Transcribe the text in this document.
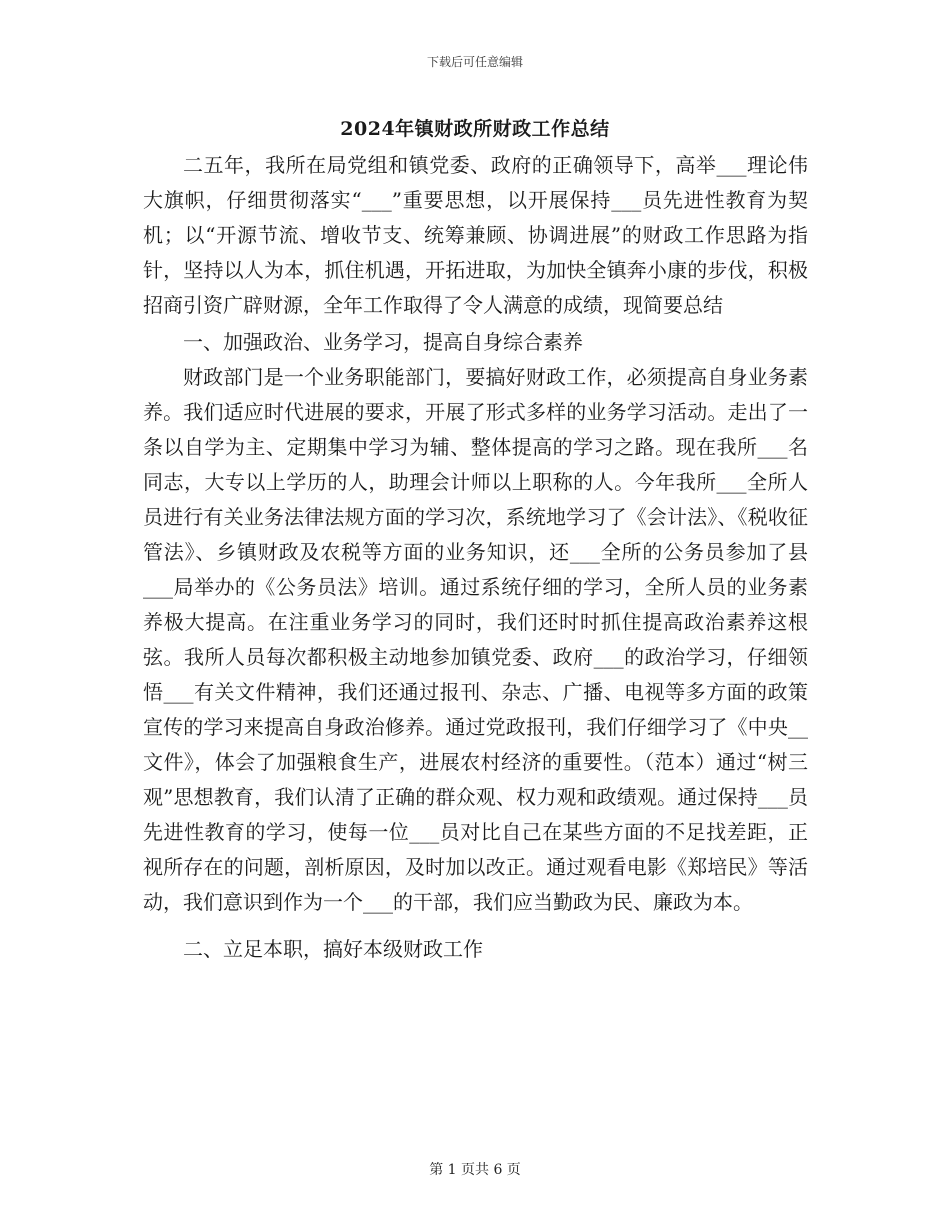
下载后可任意编辑
2024年镇财政所财政工作总结

二五年，我所在局党组和镇党委、政府的正确领导下，高举___理论伟大旗帜，仔细贯彻落实“___”重要思想，以开展保持___员先进性教育为契机；以“开源节流、增收节支、统筹兼顾、协调进展”的财政工作思路为指针，坚持以人为本，抓住机遇，开拓进取，为加快全镇奔小康的步伐，积极招商引资广辟财源，全年工作取得了令人满意的成绩，现简要总结

一、加强政治、业务学习，提高自身综合素养

财政部门是一个业务职能部门，要搞好财政工作，必须提高自身业务素养。我们适应时代进展的要求，开展了形式多样的业务学习活动。走出了一条以自学为主、定期集中学习为辅、整体提高的学习之路。现在我所___名同志，大专以上学历的人，助理会计师以上职称的人。今年我所___全所人员进行有关业务法律法规方面的学习次，系统地学习了《会计法》、《税收征管法》、乡镇财政及农税等方面的业务知识，还___全所的公务员参加了县___局举办的《公务员法》培训。通过系统仔细的学习，全所人员的业务素养极大提高。在注重业务学习的同时，我们还时时抓住提高政治素养这根弦。我所人员每次都积极主动地参加镇党委、政府___的政治学习，仔细领悟___有关文件精神，我们还通过报刊、杂志、广播、电视等多方面的政策宣传的学习来提高自身政治修养。通过党政报刊，我们仔细学习了《中央__文件》，体会了加强粮食生产，进展农村经济的重要性。（范本）通过“树三观”思想教育，我们认清了正确的群众观、权力观和政绩观。通过保持___员先进性教育的学习，使每一位___员对比自己在某些方面的不足找差距，正视所存在的问题，剖析原因，及时加以改正。通过观看电影《郑培民》等活动，我们意识到作为一个___的干部，我们应当勤政为民、廉政为本。

二、立足本职，搞好本级财政工作

第 1 页共 6 页
